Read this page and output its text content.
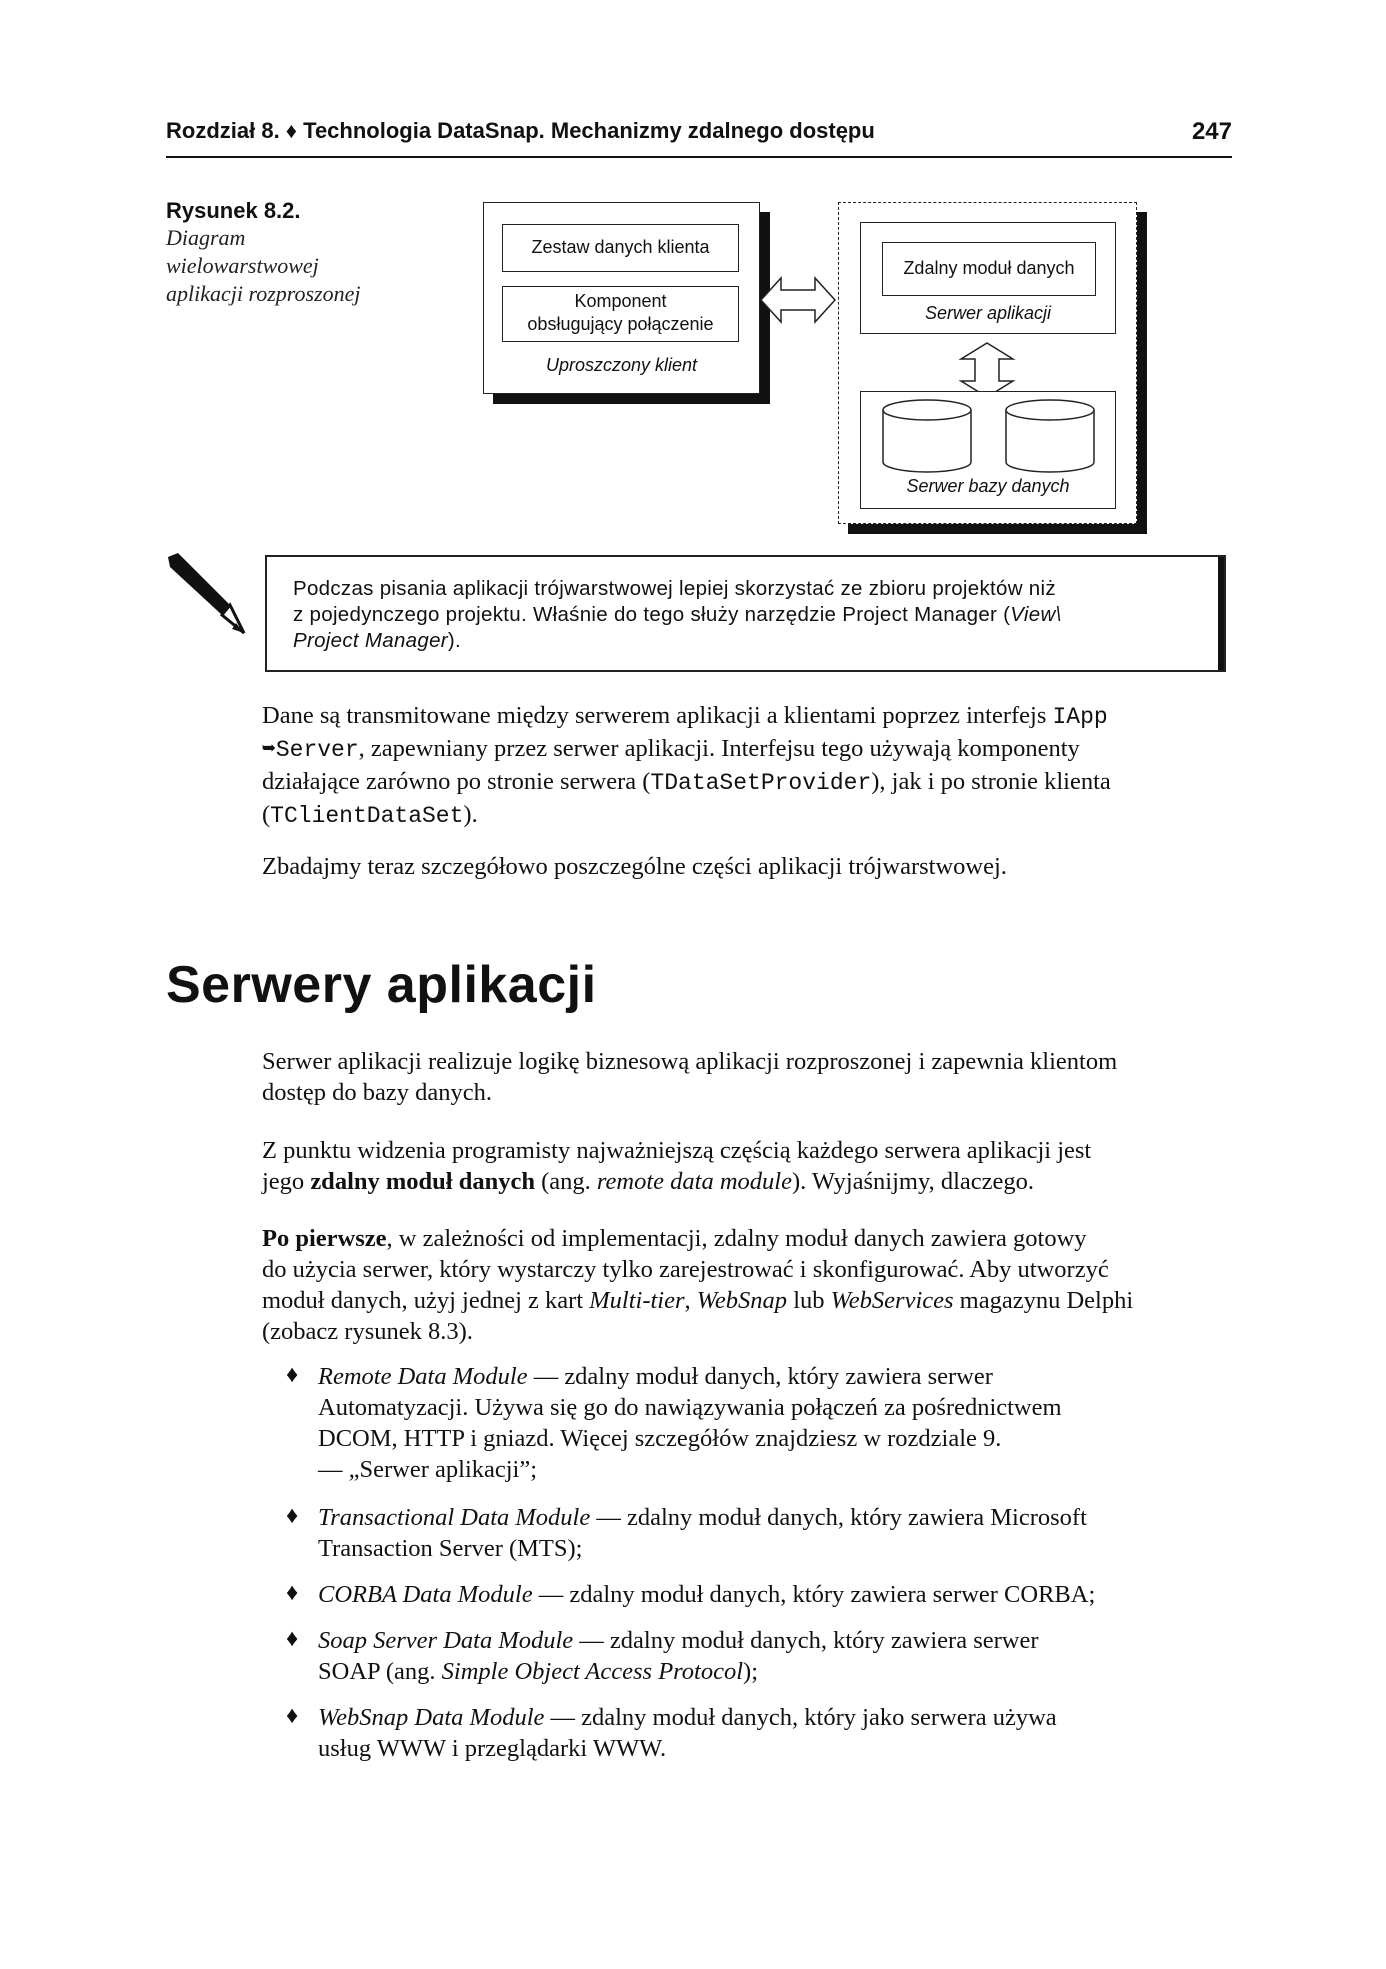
Rozdział 8. ♦ Technologia DataSnap. Mechanizmy zdalnego dostępu	247
Rysunek 8.2.
Diagram wielowarstwowej aplikacji rozproszonej
Zestaw danych klienta
Komponent
obsługujący połączenie
Uproszczony klient
Zdalny moduł danych
Serwer aplikacji
Serwer bazy danych
Podczas pisania aplikacji trójwarstwowej lepiej skorzystać ze zbioru projektów niż
z pojedynczego projektu. Właśnie do tego służy narzędzie Project Manager (View\
Project Manager).
Dane są transmitowane między serwerem aplikacji a klientami poprzez interfejs IApp
➥Server, zapewniany przez serwer aplikacji. Interfejsu tego używają komponenty
działające zarówno po stronie serwera (TDataSetProvider), jak i po stronie klienta
(TClientDataSet).
Zbadajmy teraz szczegółowo poszczególne części aplikacji trójwarstwowej.
Serwery aplikacji
Serwer aplikacji realizuje logikę biznesową aplikacji rozproszonej i zapewnia klientom
dostęp do bazy danych.
Z punktu widzenia programisty najważniejszą częścią każdego serwera aplikacji jest
jego zdalny moduł danych (ang. remote data module). Wyjaśnijmy, dlaczego.
Po pierwsze, w zależności od implementacji, zdalny moduł danych zawiera gotowy
do użycia serwer, który wystarczy tylko zarejestrować i skonfigurować. Aby utworzyć
moduł danych, użyj jednej z kart Multi-tier, WebSnap lub WebServices magazynu Delphi
(zobacz rysunek 8.3).
♦ Remote Data Module — zdalny moduł danych, który zawiera serwer
Automatyzacji. Używa się go do nawiązywania połączeń za pośrednictwem
DCOM, HTTP i gniazd. Więcej szczegółów znajdziesz w rozdziale 9.
— „Serwer aplikacji”;
♦ Transactional Data Module — zdalny moduł danych, który zawiera Microsoft
Transaction Server (MTS);
♦ CORBA Data Module — zdalny moduł danych, który zawiera serwer CORBA;
♦ Soap Server Data Module — zdalny moduł danych, który zawiera serwer
SOAP (ang. Simple Object Access Protocol);
♦ WebSnap Data Module — zdalny moduł danych, który jako serwera używa
usług WWW i przeglądarki WWW.
